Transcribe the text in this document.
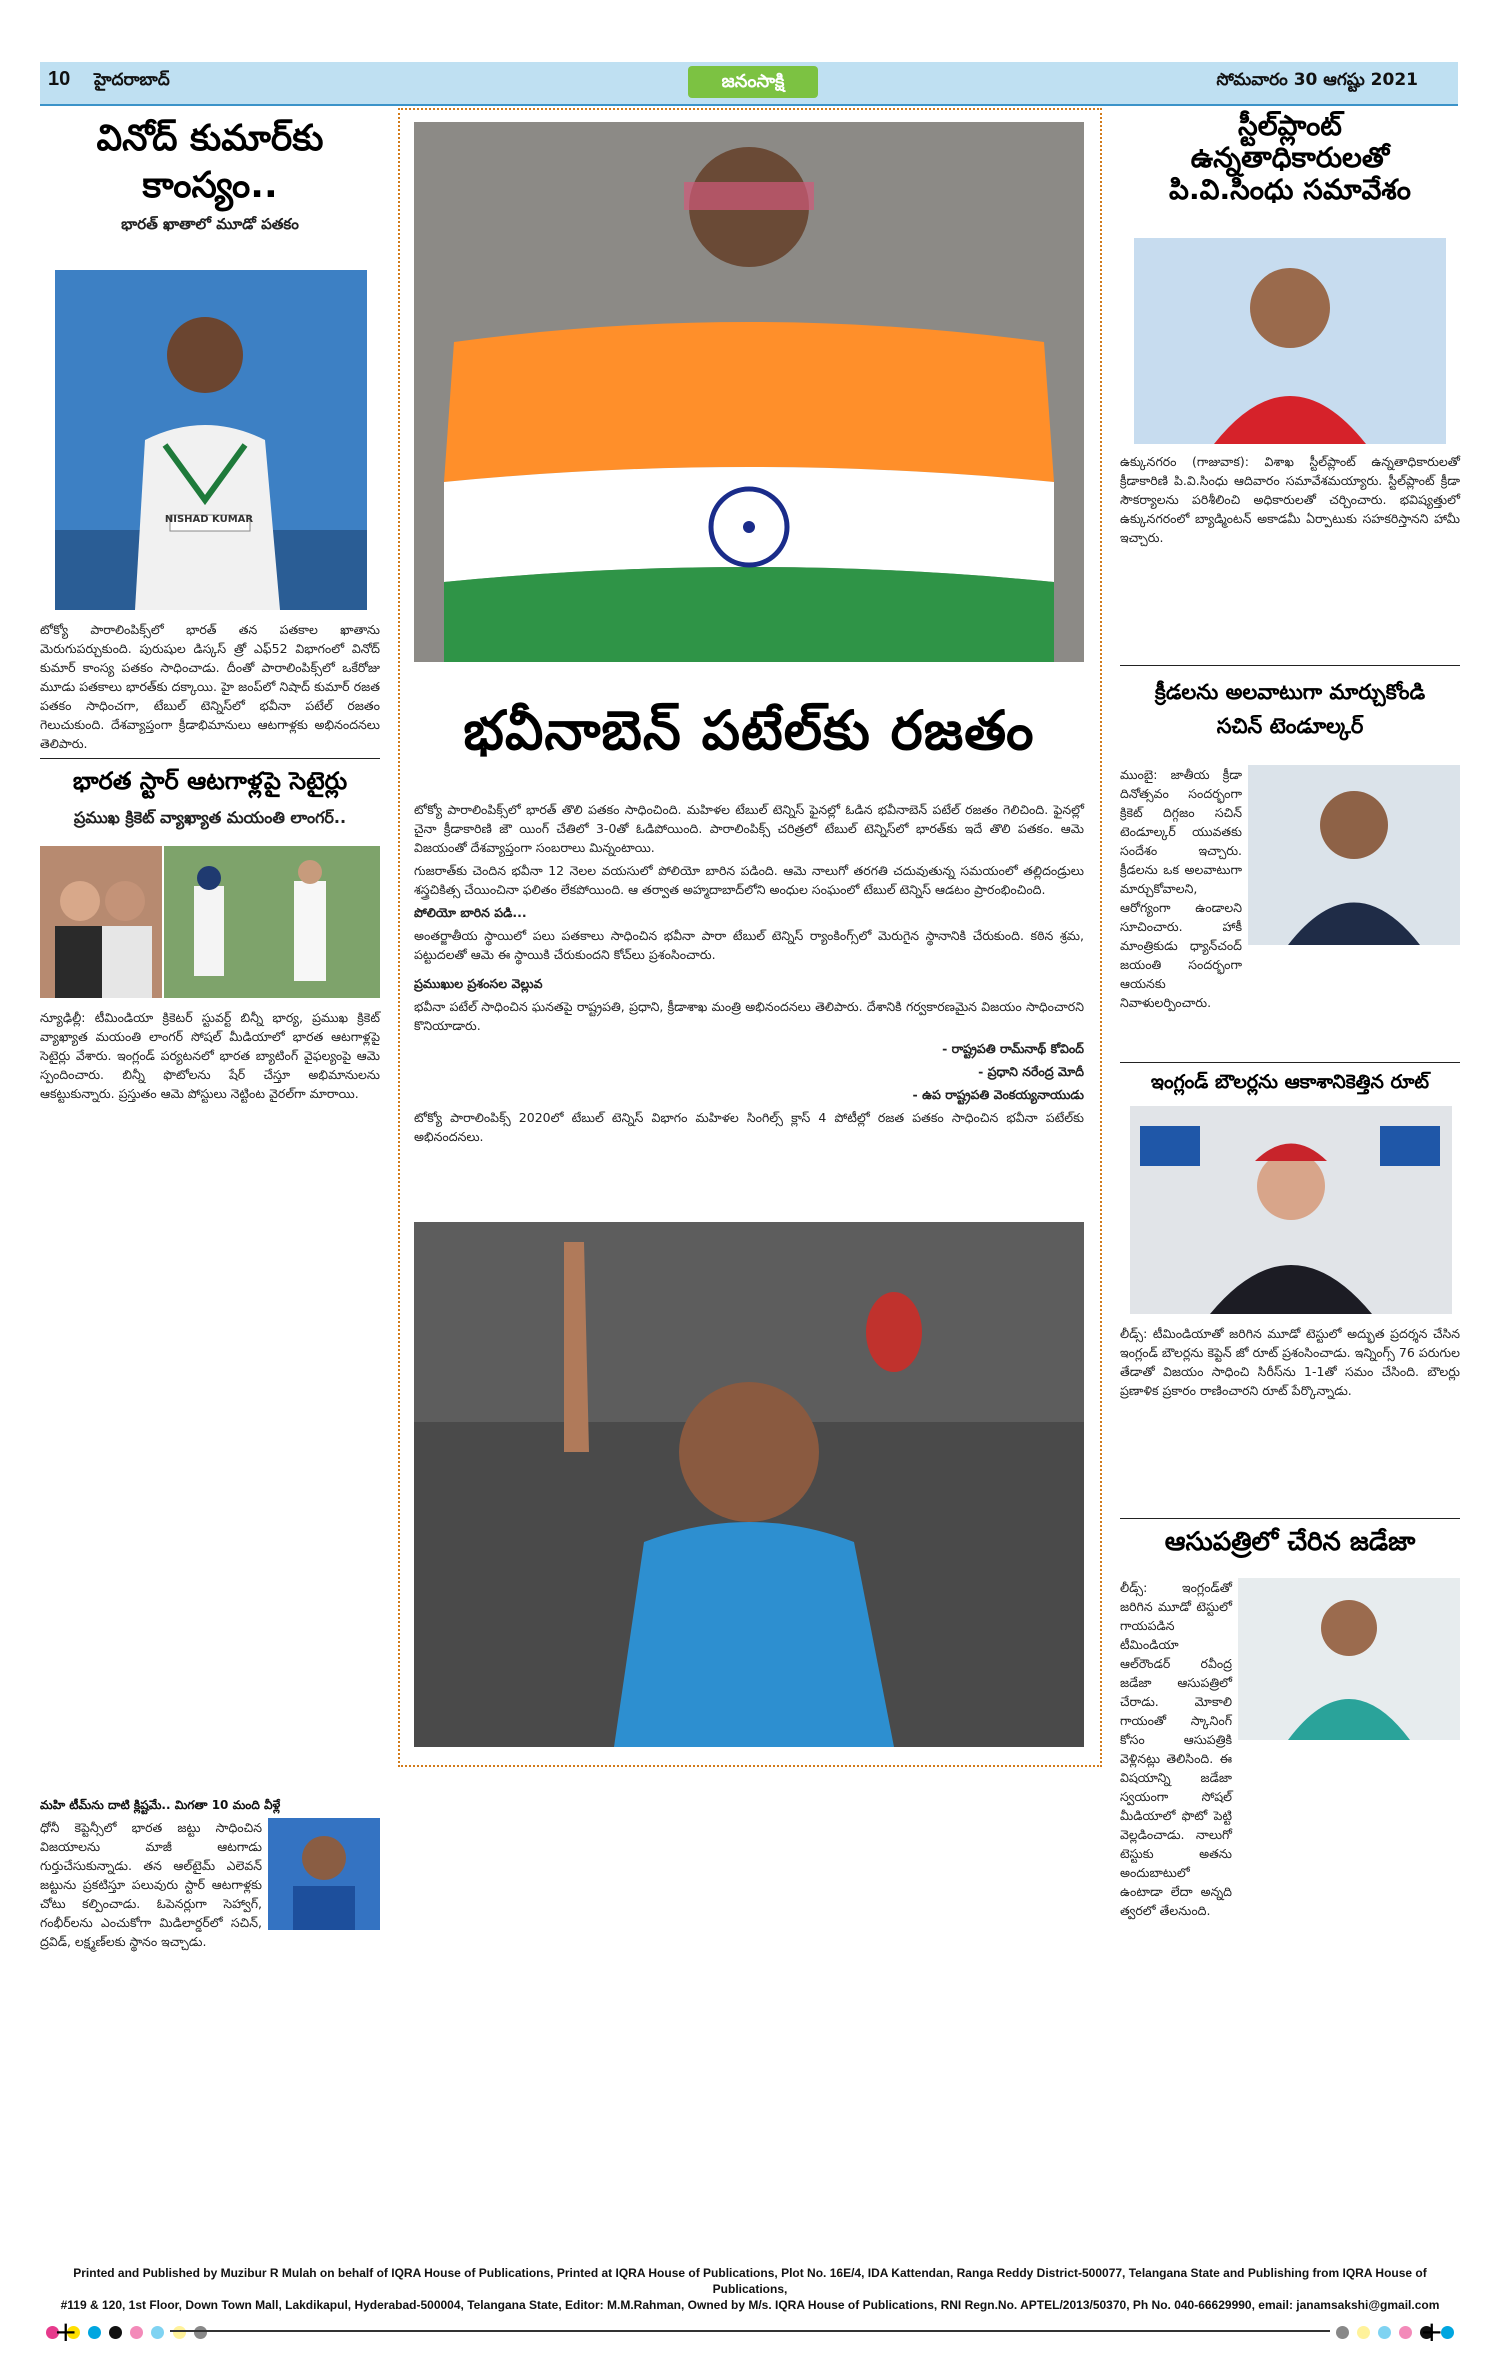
10 హైదరాబాద్	జనంసాక్షి	సోమవారం 30 ఆగష్టు 2021
వినోద్ కుమార్‌కు
కాంస్యం..
భారత్ ఖాతాలో మూడో పతకం
NISHAD KUMAR
టోక్యో పారాలింపిక్స్‌లో భారత్ తన పతకాల ఖాతాను మెరుగుపర్చుకుంది. పురుషుల డిస్కస్ త్రో ఎఫ్52 విభాగంలో వినోద్ కుమార్ కాంస్య పతకం సాధించాడు. దీంతో పారాలింపిక్స్‌లో ఒకేరోజు మూడు పతకాలు భారత్‌కు దక్కాయి. హై జంప్‌లో నిషాద్ కుమార్ రజత పతకం సాధించగా, టేబుల్ టెన్నిస్‌లో భవీనా పటేల్ రజతం గెలుచుకుంది. దేశవ్యాప్తంగా క్రీడాభిమానులు ఆటగాళ్లకు అభినందనలు తెలిపారు.
భారత స్టార్ ఆటగాళ్లపై సెటైర్లు
ప్రముఖ క్రికెట్ వ్యాఖ్యాత మయంతి లాంగర్..
న్యూఢిల్లీ: టీమిండియా క్రికెటర్ స్టువర్ట్ బిన్నీ భార్య, ప్రముఖ క్రికెట్ వ్యాఖ్యాత మయంతి లాంగర్ సోషల్ మీడియాలో భారత ఆటగాళ్లపై సెటైర్లు వేశారు. ఇంగ్లండ్ పర్యటనలో భారత బ్యాటింగ్ వైఫల్యంపై ఆమె స్పందించారు. బిన్నీ ఫొటోలను షేర్ చేస్తూ అభిమానులను ఆకట్టుకున్నారు. ప్రస్తుతం ఆమె పోస్టులు నెట్టింట వైరల్‌గా మారాయి.
మహి టీమ్‌ను దాటి క్లిష్టమే.. మిగతా 10 మంది వీళ్లే
ధోనీ కెప్టెన్సీలో భారత జట్టు సాధించిన విజయాలను మాజీ ఆటగాడు గుర్తుచేసుకున్నాడు. తన ఆల్‌టైమ్ ఎలెవన్ జట్టును ప్రకటిస్తూ పలువురు స్టార్ ఆటగాళ్లకు చోటు కల్పించాడు. ఓపెనర్లుగా సెహ్వాగ్, గంభీర్‌లను ఎంచుకోగా మిడిలార్డర్‌లో సచిన్, ద్రవిడ్, లక్ష్మణ్‌లకు స్థానం ఇచ్చాడు.
భవీనాబెన్ పటేల్‌కు రజతం

టోక్యో పారాలింపిక్స్‌లో భారత్ తొలి పతకం సాధించింది. మహిళల టేబుల్ టెన్నిస్ ఫైనల్లో ఓడిన భవీనాబెన్ పటేల్ రజతం గెలిచింది. ఫైనల్లో చైనా క్రీడాకారిణి జౌ యింగ్ చేతిలో 3-0తో ఓడిపోయింది. పారాలింపిక్స్ చరిత్రలో టేబుల్ టెన్నిస్‌లో భారత్‌కు ఇదే తొలి పతకం. ఆమె విజయంతో దేశవ్యాప్తంగా సంబరాలు మిన్నంటాయి.

గుజరాత్‌కు చెందిన భవీనా 12 నెలల వయసులో పోలియో బారిన పడింది. ఆమె నాలుగో తరగతి చదువుతున్న సమయంలో తల్లిదండ్రులు శస్త్రచికిత్స చేయించినా ఫలితం లేకపోయింది. ఆ తర్వాత అహ్మదాబాద్‌లోని అంధుల సంఘంలో టేబుల్ టెన్నిస్ ఆడటం ప్రారంభించింది.

పోలియో బారిన పడి...

అంతర్జాతీయ స్థాయిలో పలు పతకాలు సాధించిన భవీనా పారా టేబుల్ టెన్నిస్ ర్యాంకింగ్స్‌లో మెరుగైన స్థానానికి చేరుకుంది. కఠిన శ్రమ, పట్టుదలతో ఆమె ఈ స్థాయికి చేరుకుందని కోచ్‌లు ప్రశంసించారు.

ప్రముఖుల ప్రశంసల వెల్లువ

భవీనా పటేల్ సాధించిన ఘనతపై రాష్ట్రపతి, ప్రధాని, క్రీడాశాఖ మంత్రి అభినందనలు తెలిపారు. దేశానికి గర్వకారణమైన విజయం సాధించారని కొనియాడారు.

- రాష్ట్రపతి రామ్‌నాథ్ కోవింద్

- ప్రధాని నరేంద్ర మోదీ

- ఉప రాష్ట్రపతి వెంకయ్యనాయుడు

టోక్యో పారాలింపిక్స్ 2020లో టేబుల్ టెన్నిస్ విభాగం మహిళల సింగిల్స్ క్లాస్ 4 పోటీల్లో రజత పతకం సాధించిన భవీనా పటేల్‌కు అభినందనలు.

స్టీల్‌ప్లాంట్
ఉన్నతాధికారులతో
పి.వి.సింధు సమావేశం
ఉక్కునగరం (గాజువాక): విశాఖ స్టీల్‌ప్లాంట్ ఉన్నతాధికారులతో క్రీడాకారిణి పి.వి.సింధు ఆదివారం సమావేశమయ్యారు. స్టీల్‌ప్లాంట్ క్రీడా సౌకర్యాలను పరిశీలించి అధికారులతో చర్చించారు. భవిష్యత్తులో ఉక్కునగరంలో బ్యాడ్మింటన్ అకాడమీ ఏర్పాటుకు సహకరిస్తానని హామీ ఇచ్చారు.
క్రీడలను అలవాటుగా మార్చుకోండి
సచిన్ టెండూల్కర్
ముంబై: జాతీయ క్రీడా దినోత్సవం సందర్భంగా క్రికెట్ దిగ్గజం సచిన్ టెండూల్కర్ యువతకు సందేశం ఇచ్చారు. క్రీడలను ఒక అలవాటుగా మార్చుకోవాలని, ఆరోగ్యంగా ఉండాలని సూచించారు. హాకీ మాంత్రికుడు ధ్యాన్‌చంద్ జయంతి సందర్భంగా ఆయనకు నివాళులర్పించారు.
ఇంగ్లండ్ బౌలర్లను ఆకాశానికెత్తిన రూట్
లీడ్స్: టీమిండియాతో జరిగిన మూడో టెస్టులో అద్భుత ప్రదర్శన చేసిన ఇంగ్లండ్ బౌలర్లను కెప్టెన్ జో రూట్ ప్రశంసించాడు. ఇన్నింగ్స్ 76 పరుగుల తేడాతో విజయం సాధించి సిరీస్‌ను 1-1తో సమం చేసింది. బౌలర్లు ప్రణాళిక ప్రకారం రాణించారని రూట్ పేర్కొన్నాడు.
ఆసుపత్రిలో చేరిన జడేజా
లీడ్స్: ఇంగ్లండ్‌తో జరిగిన మూడో టెస్టులో గాయపడిన టీమిండియా ఆల్‌రౌండర్ రవీంద్ర జడేజా ఆసుపత్రిలో చేరాడు. మోకాలి గాయంతో స్కానింగ్ కోసం ఆసుపత్రికి వెళ్లినట్లు తెలిసింది. ఈ విషయాన్ని జడేజా స్వయంగా సోషల్ మీడియాలో ఫొటో పెట్టి వెల్లడించాడు. నాలుగో టెస్టుకు అతను అందుబాటులో ఉంటాడా లేదా అన్నది త్వరలో తేలనుంది.
Printed and Published by Muzibur R Mulah on behalf of IQRA House of Publications, Printed at IQRA House of Publications, Plot No. 16E/4, IDA Kattendan, Ranga Reddy District-500077, Telangana State and Publishing from IQRA House of Publications,
#119 & 120, 1st Floor, Down Town Mall, Lakdikapul, Hyderabad-500004, Telangana State, Editor: M.M.Rahman, Owned by M/s. IQRA House of Publications, RNI Regn.No. APTEL/2013/50370, Ph No. 040-66629990, email: janamsakshi@gmail.com

+	+
